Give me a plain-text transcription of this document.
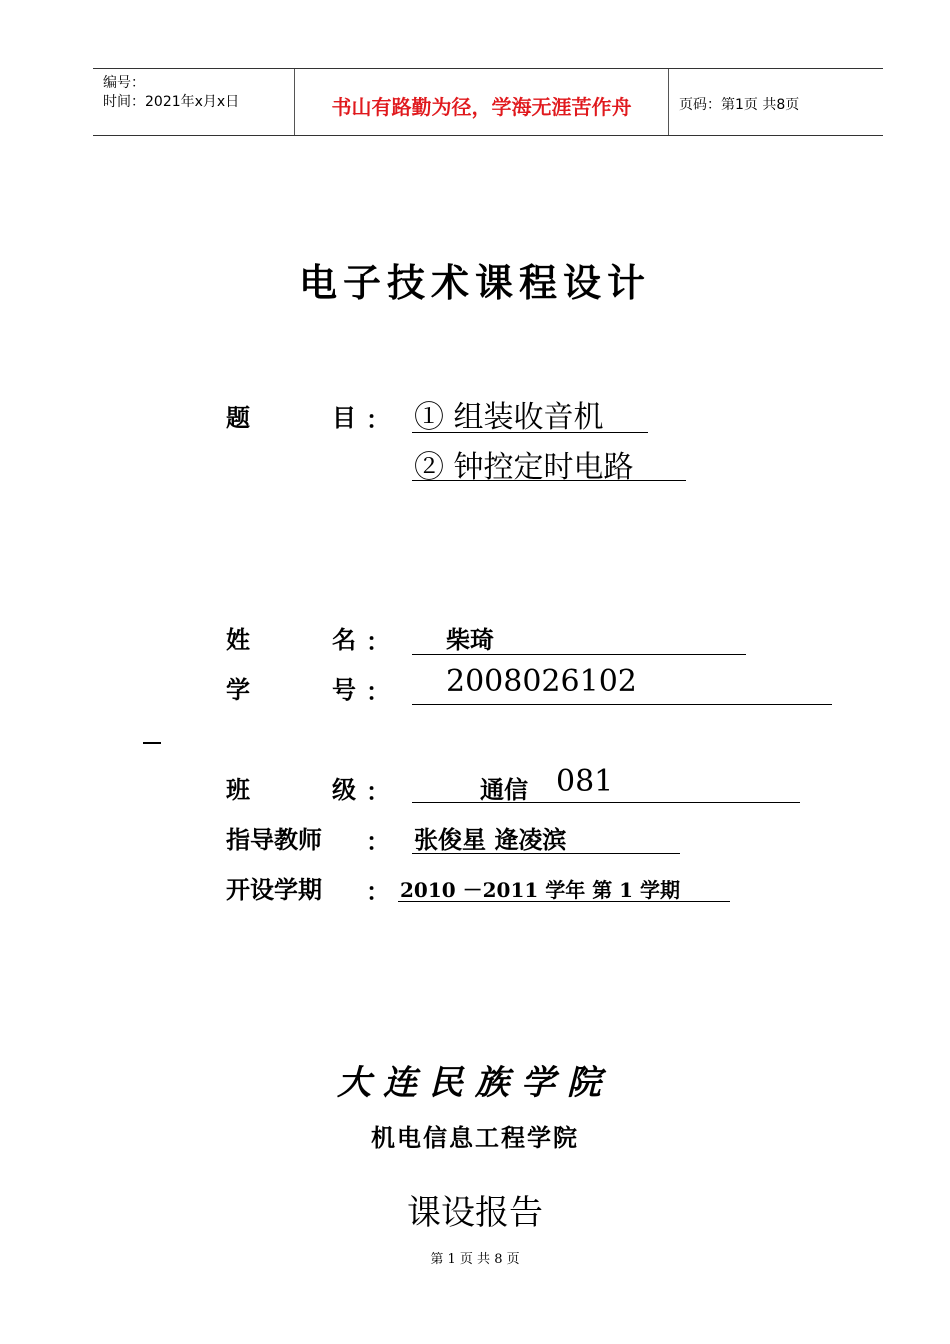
编号：
时间：2021年x月x日	书山有路勤为径，学海无涯苦作舟	页码：第1页 共8页
电子技术课程设计
题	目 ： ① 组装收音机
② 钟控定时电路
姓	名 ： 柴琦
学	号 ： 2008026102
班	级 ：	通信 081
指导教师 ： 张俊星 逄凌滨
开设学期 ： 2010 －2011 学年 第 1 学期
大连民族学院
机电信息工程学院
课设报告
第 1 页 共 8 页
